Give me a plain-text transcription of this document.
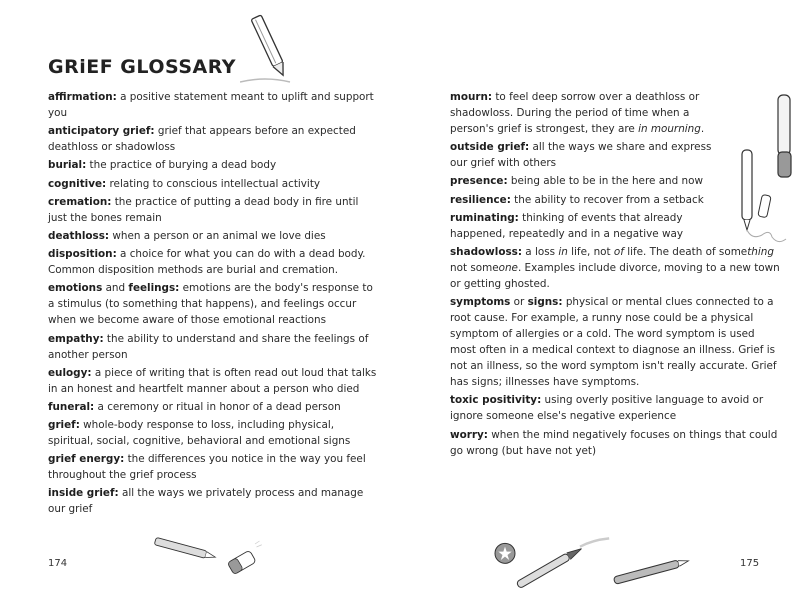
GRiEF GLOSSARY
affirmation: a positive statement meant to uplift and support you
anticipatory grief: grief that appears before an expected deathloss or shadowloss
burial: the practice of burying a dead body
cognitive: relating to conscious intellectual activity
cremation: the practice of putting a dead body in fire until just the bones remain
deathloss: when a person or an animal we love dies
disposition: a choice for what you can do with a dead body. Common disposition methods are burial and cremation.
emotions and feelings: emotions are the body's response to a stimulus (to something that happens), and feelings occur when we become aware of those emotional reactions
empathy: the ability to understand and share the feelings of another person
eulogy: a piece of writing that is often read out loud that talks in an honest and heartfelt manner about a person who died
funeral: a ceremony or ritual in honor of a dead person
grief: whole-body response to loss, including physical, spiritual, social, cognitive, behavioral and emotional signs
grief energy: the differences you notice in the way you feel throughout the grief process
inside grief: all the ways we privately process and manage our grief
174
mourn: to feel deep sorrow over a deathloss or shadowloss. During the period of time when a person's grief is strongest, they are in mourning.
outside grief: all the ways we share and express our grief with others
presence: being able to be in the here and now
resilience: the ability to recover from a setback
ruminating: thinking of events that already happened, repeatedly and in a negative way
shadowloss: a loss in life, not of life. The death of something not someone. Examples include divorce, moving to a new town or getting ghosted.
symptoms or signs: physical or mental clues connected to a root cause. For example, a runny nose could be a physical symptom of allergies or a cold. The word symptom is used most often in a medical context to diagnose an illness. Grief is not an illness, so the word symptom isn't really accurate. Grief has signs; illnesses have symptoms.
toxic positivity: using overly positive language to avoid or ignore someone else's negative experience
worry: when the mind negatively focuses on things that could go wrong (but have not yet)
175
